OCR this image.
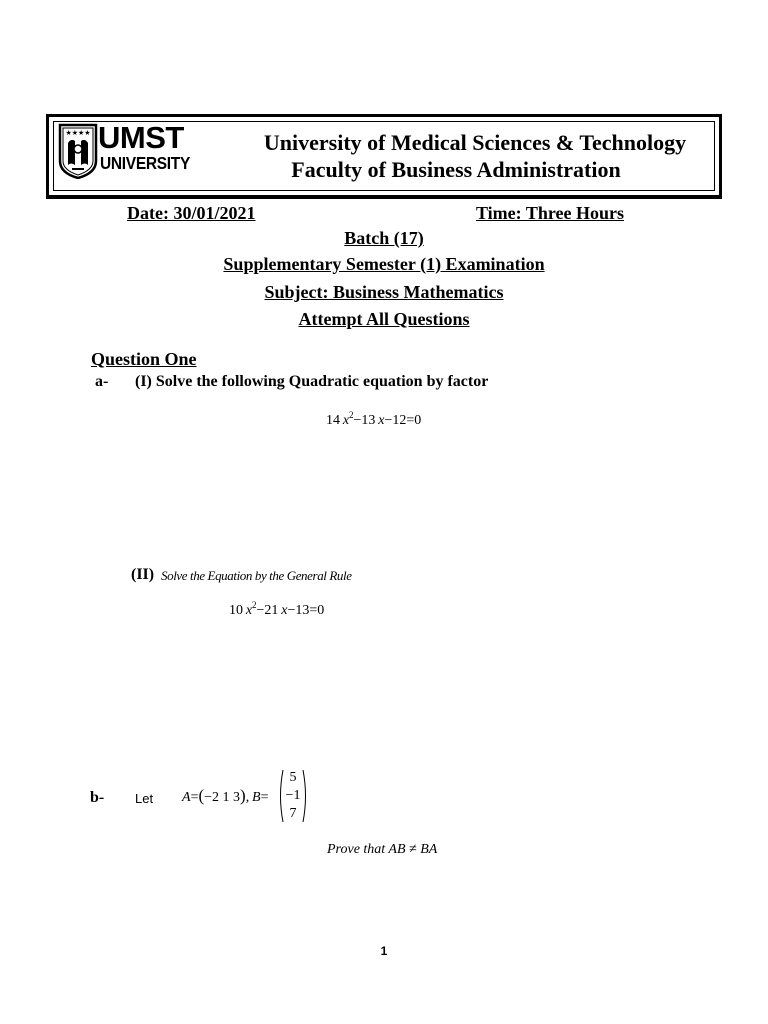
★★★★ UMST
UNIVERSITY
University of Medical Sciences & Technology
Faculty of Business Administration
Date: 30/01/2021	Time: Three Hours
Batch (17)
Supplementary Semester (1) Examination
Subject: Business Mathematics
Attempt All Questions
Question One
a- (I) Solve the following Quadratic equation by factor
14 $x^2-13$ x−12=0
(II) Solve the Equation by the General Rule
10 $x^2-21$ x−13=0
b- Let A=(−2 1 3), B=
5
−1
7
Prove that AB ≠ BA
1
